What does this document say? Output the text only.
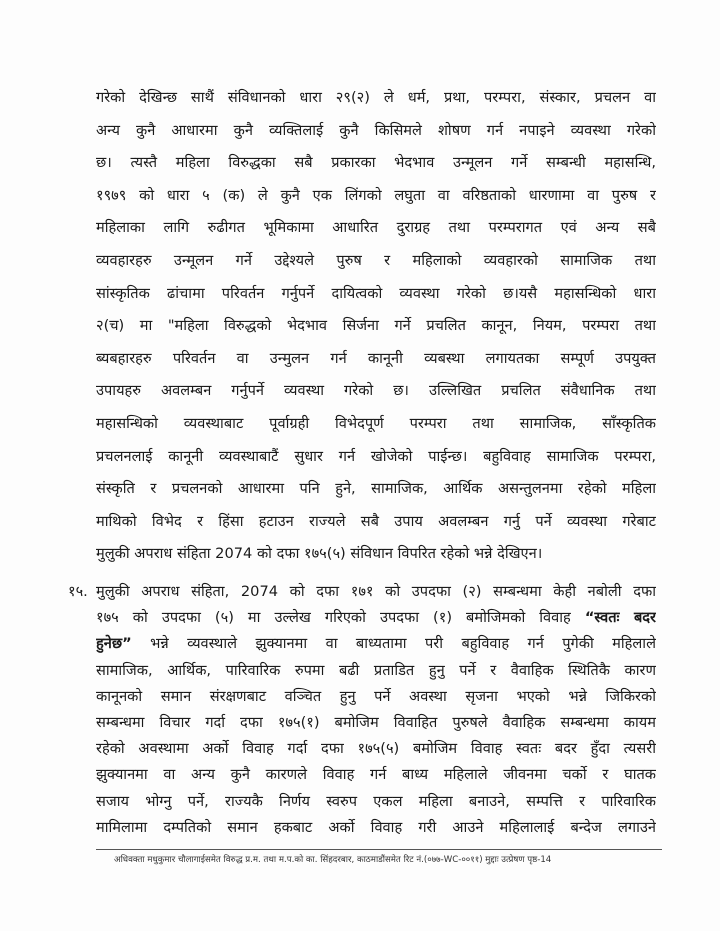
गरेको देखिन्छ साथैं संविधानको धारा २९(२) ले धर्म, प्रथा, परम्परा, संस्कार, प्रचलन वा
अन्य कुनै आधारमा कुनै व्यक्तिलाई कुनै किसिमले शोषण गर्न नपाइने व्यवस्था गरेको
छ। त्यस्तै महिला विरुद्धका सबै प्रकारका भेदभाव उन्मूलन गर्ने सम्बन्धी महासन्धि,
१९७९ को धारा ५ (क) ले कुनै एक लिंगको लघुता वा वरिष्ठताको धारणामा वा पुरुष र
महिलाका लागि रुढीगत भूमिकामा आधारित दुराग्रह तथा परम्परागत एवं अन्य सबै
व्यवहारहरु उन्मूलन गर्ने उद्देश्यले पुरुष र महिलाको व्यवहारको सामाजिक तथा
सांस्कृतिक ढांचामा परिवर्तन गर्नुपर्ने दायित्वको व्यवस्था गरेको छ।यसै महासन्धिको धारा
२(च) मा "महिला विरुद्धको भेदभाव सिर्जना गर्ने प्रचलित कानून, नियम, परम्परा तथा
ब्यबहारहरु परिवर्तन वा उन्मुलन गर्न कानूनी व्यबस्था लगायतका सम्पूर्ण उपयुक्त
उपायहरु अवलम्बन गर्नुपर्ने व्यवस्था गरेको छ। उल्लिखित प्रचलित संवैधानिक तथा
महासन्धिको व्यवस्थाबाट पूर्वाग्रही विभेदपूर्ण परम्परा तथा सामाजिक, साँस्कृतिक
प्रचलनलाई कानूनी व्यवस्थाबाटैं सुधार गर्न खोजेको पाईन्छ। बहुविवाह सामाजिक परम्परा,
संस्कृति र प्रचलनको आधारमा पनि हुने, सामाजिक, आर्थिक असन्तुलनमा रहेको महिला
माथिको विभेद र हिंसा हटाउन राज्यले सबै उपाय अवलम्बन गर्नु पर्ने व्यवस्था गरेबाट
मुलुकी अपराध संहिता 2074 को दफा १७५(५) संविधान विपरित रहेको भन्ने देखिएन।
१५. मुलुकी अपराध संहिता, 2074 को दफा १७१ को उपदफा (२) सम्बन्धमा केही नबोली दफा
१७५ को उपदफा (५) मा उल्लेख गरिएको उपदफा (१) बमोजिमको विवाह “स्वतः बदर
हुनेछ” भन्ने व्यवस्थाले झुक्यानमा वा बाध्यतामा परी बहुविवाह गर्न पुगेकी महिलाले
सामाजिक, आर्थिक, पारिवारिक रुपमा बढी प्रताडित हुनु पर्ने र वैवाहिक स्थितिकै कारण
कानूनको समान संरक्षणबाट वञ्चित हुनु पर्ने अवस्था सृजना भएको भन्ने जिकिरको
सम्बन्धमा विचार गर्दा दफा १७५(१) बमोजिम विवाहित पुरुषले वैवाहिक सम्बन्धमा कायम
रहेको अवस्थामा अर्को विवाह गर्दा दफा १७५(५) बमोजिम विवाह स्वतः बदर हुँदा त्यसरी
झुक्यानमा वा अन्य कुनै कारणले विवाह गर्न बाध्य महिलाले जीवनमा चर्को र घातक
सजाय भोग्नु पर्ने, राज्यकै निर्णय स्वरुप एकल महिला बनाउने, सम्पत्ति र पारिवारिक
मामिलामा दम्पतिको समान हकबाट अर्को विवाह गरी आउने महिलालाई बन्देज लगाउने
अधिवक्ता मधुकुमार चौलागाईसमेत विरुद्ध प्र.म. तथा म.प.को का. सिंहदरबार, काठमाडौंसमेत रिट नं.(०७७-WC-००११) मुद्दाः उत्प्रेषण पृष्ठ-14
